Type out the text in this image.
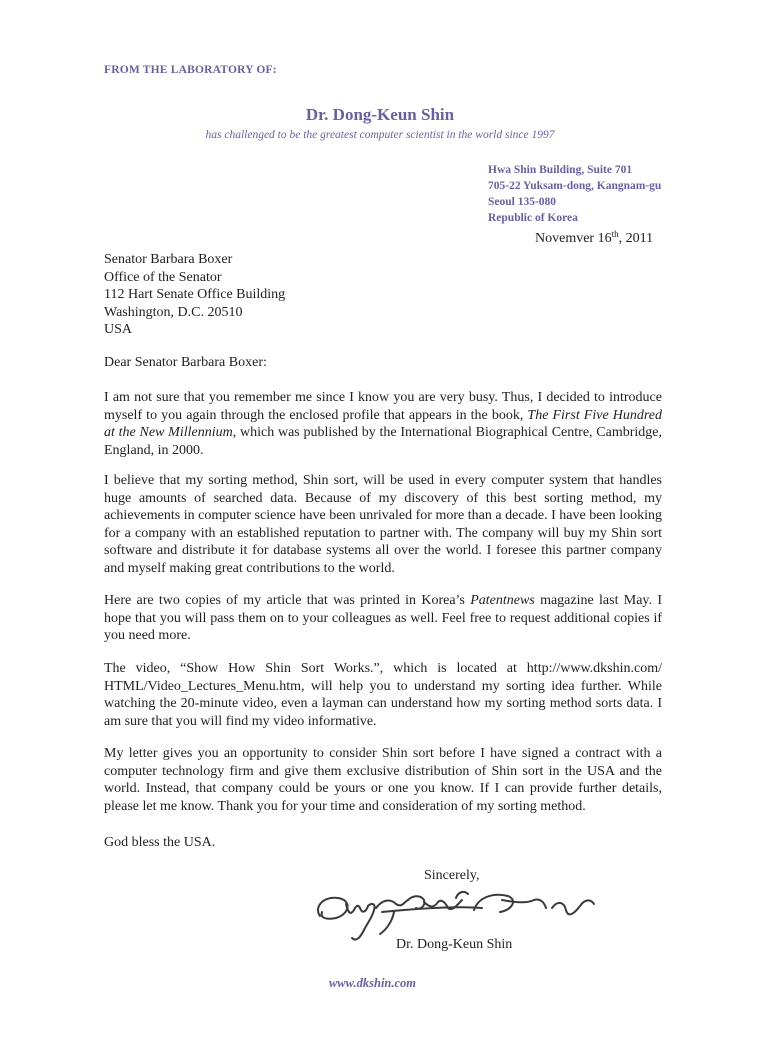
FROM THE LABORATORY OF:
Dr. Dong-Keun Shin
has challenged to be the greatest computer scientist in the world since 1997
Hwa Shin Building, Suite 701
705-22 Yuksam-dong, Kangnam-gu
Seoul 135-080
Republic of Korea
Novemver 16th, 2011
Senator Barbara Boxer
Office of the Senator
112 Hart Senate Office Building
Washington, D.C. 20510
USA
Dear Senator Barbara Boxer:
I am not sure that you remember me since I know you are very busy. Thus, I decided to introduce myself to you again through the enclosed profile that appears in the book, The First Five Hundred at the New Millennium, which was published by the International Biographical Centre, Cambridge, England, in 2000.
I believe that my sorting method, Shin sort, will be used in every computer system that handles huge amounts of searched data. Because of my discovery of this best sorting method, my achievements in computer science have been unrivaled for more than a decade. I have been looking for a company with an established reputation to partner with. The company will buy my Shin sort software and distribute it for database systems all over the world. I foresee this partner company and myself making great contributions to the world.
Here are two copies of my article that was printed in Korea’s Patentnews magazine last May. I hope that you will pass them on to your colleagues as well. Feel free to request additional copies if you need more.
The video, “Show How Shin Sort Works.”, which is located at http://www.dkshin.com/ HTML/Video_Lectures_Menu.htm, will help you to understand my sorting idea further. While watching the 20-minute video, even a layman can understand how my sorting method sorts data. I am sure that you will find my video informative.
My letter gives you an opportunity to consider Shin sort before I have signed a contract with a computer technology firm and give them exclusive distribution of Shin sort in the USA and the world. Instead, that company could be yours or one you know. If I can provide further details, please let me know. Thank you for your time and consideration of my sorting method.
God bless the USA.
Sincerely,
Dr. Dong-Keun Shin
www.dkshin.com
